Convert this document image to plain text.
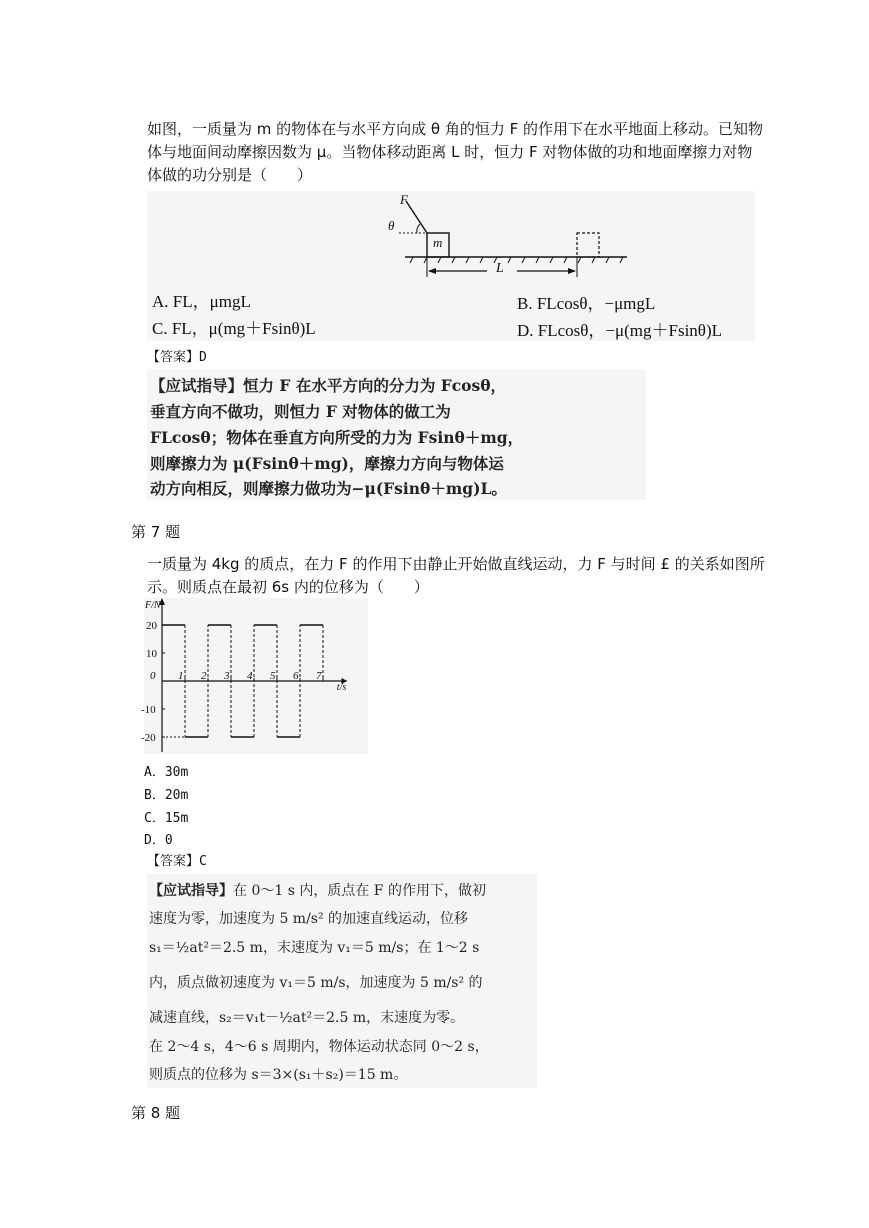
如图，一质量为 m 的物体在与水平方向成 θ 角的恒力 F 的作用下在水平地面上移动。已知物
体与地面间动摩擦因数为 μ。当物体移动距离 L 时，恒力 F 对物体做的功和地面摩擦力对物
体做的功分别是（　　）
F
θ
m
L
A. FL，μmgL	B. FLcosθ，−μmgL
C. FL，μ(mg＋Fsinθ)L	D. FLcosθ，−μ(mg＋Fsinθ)L
【答案】D
【应试指导】恒力 F 在水平方向的分力为 Fcosθ，
垂直方向不做功，则恒力 F 对物体的做工为
FLcosθ；物体在垂直方向所受的力为 Fsinθ＋mg，
则摩擦力为 μ(Fsinθ＋mg)，摩擦力方向与物体运
动方向相反，则摩擦力做功为−μ(Fsinθ＋mg)L。
第 7 题
一质量为 4kg 的质点，在力 F 的作用下由静止开始做直线运动，力 F 与时间 £ 的关系如图所
示。则质点在最初 6s 内的位移为（　　）
F/N
t/s
0
20
10
-10
-20
1 2 3 4 5 6 7
A．30m
B．20m
C．15m
D．0
【答案】C
【应试指导】在 0～1 s 内，质点在 F 的作用下，做初
速度为零，加速度为 5 m/s² 的加速直线运动，位移
s₁＝½at²＝2.5 m，末速度为 v₁＝5 m/s；在 1～2 s
内，质点做初速度为 v₁＝5 m/s，加速度为 5 m/s² 的
减速直线，s₂＝v₁t－½at²＝2.5 m，末速度为零。
在 2～4 s，4～6 s 周期内，物体运动状态同 0～2 s，
则质点的位移为 s＝3×(s₁＋s₂)＝15 m。
第 8 题
